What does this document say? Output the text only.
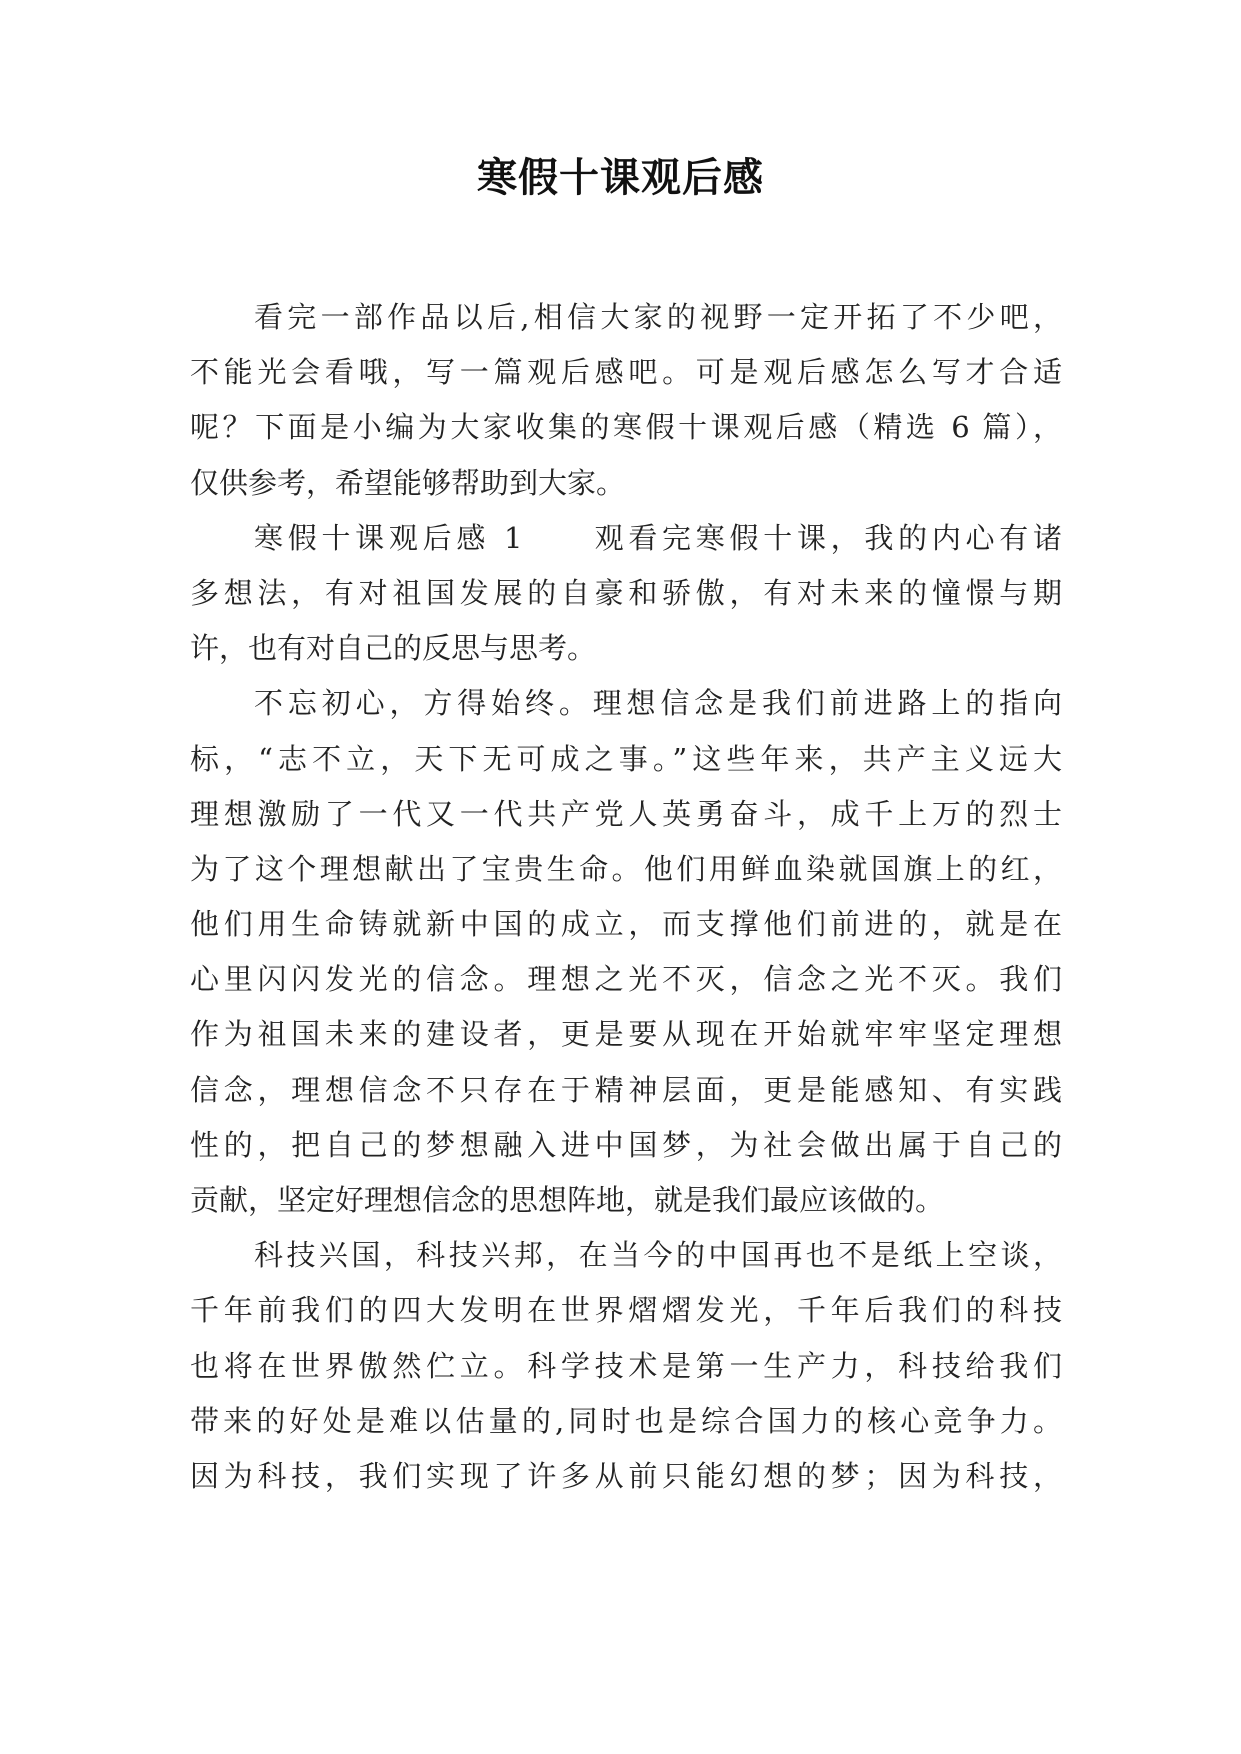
寒假十课观后感
看完一部作品以后,相信大家的视野一定开拓了不少吧，
不能光会看哦，写一篇观后感吧。可是观后感怎么写才合适
呢？下面是小编为大家收集的寒假十课观后感（精选 6 篇），
仅供参考，希望能够帮助到大家。
寒假十课观后感 1　　观看完寒假十课，我的内心有诸
多想法，有对祖国发展的自豪和骄傲，有对未来的憧憬与期
许，也有对自己的反思与思考。
不忘初心，方得始终。理想信念是我们前进路上的指向
标，“志不立，天下无可成之事。”这些年来，共产主义远大
理想激励了一代又一代共产党人英勇奋斗，成千上万的烈士
为了这个理想献出了宝贵生命。他们用鲜血染就国旗上的红，
他们用生命铸就新中国的成立，而支撑他们前进的，就是在
心里闪闪发光的信念。理想之光不灭，信念之光不灭。我们
作为祖国未来的建设者，更是要从现在开始就牢牢坚定理想
信念，理想信念不只存在于精神层面，更是能感知、有实践
性的，把自己的梦想融入进中国梦，为社会做出属于自己的
贡献，坚定好理想信念的思想阵地，就是我们最应该做的。
科技兴国，科技兴邦，在当今的中国再也不是纸上空谈，
千年前我们的四大发明在世界熠熠发光，千年后我们的科技
也将在世界傲然伫立。科学技术是第一生产力，科技给我们
带来的好处是难以估量的,同时也是综合国力的核心竞争力。
因为科技，我们实现了许多从前只能幻想的梦；因为科技，
